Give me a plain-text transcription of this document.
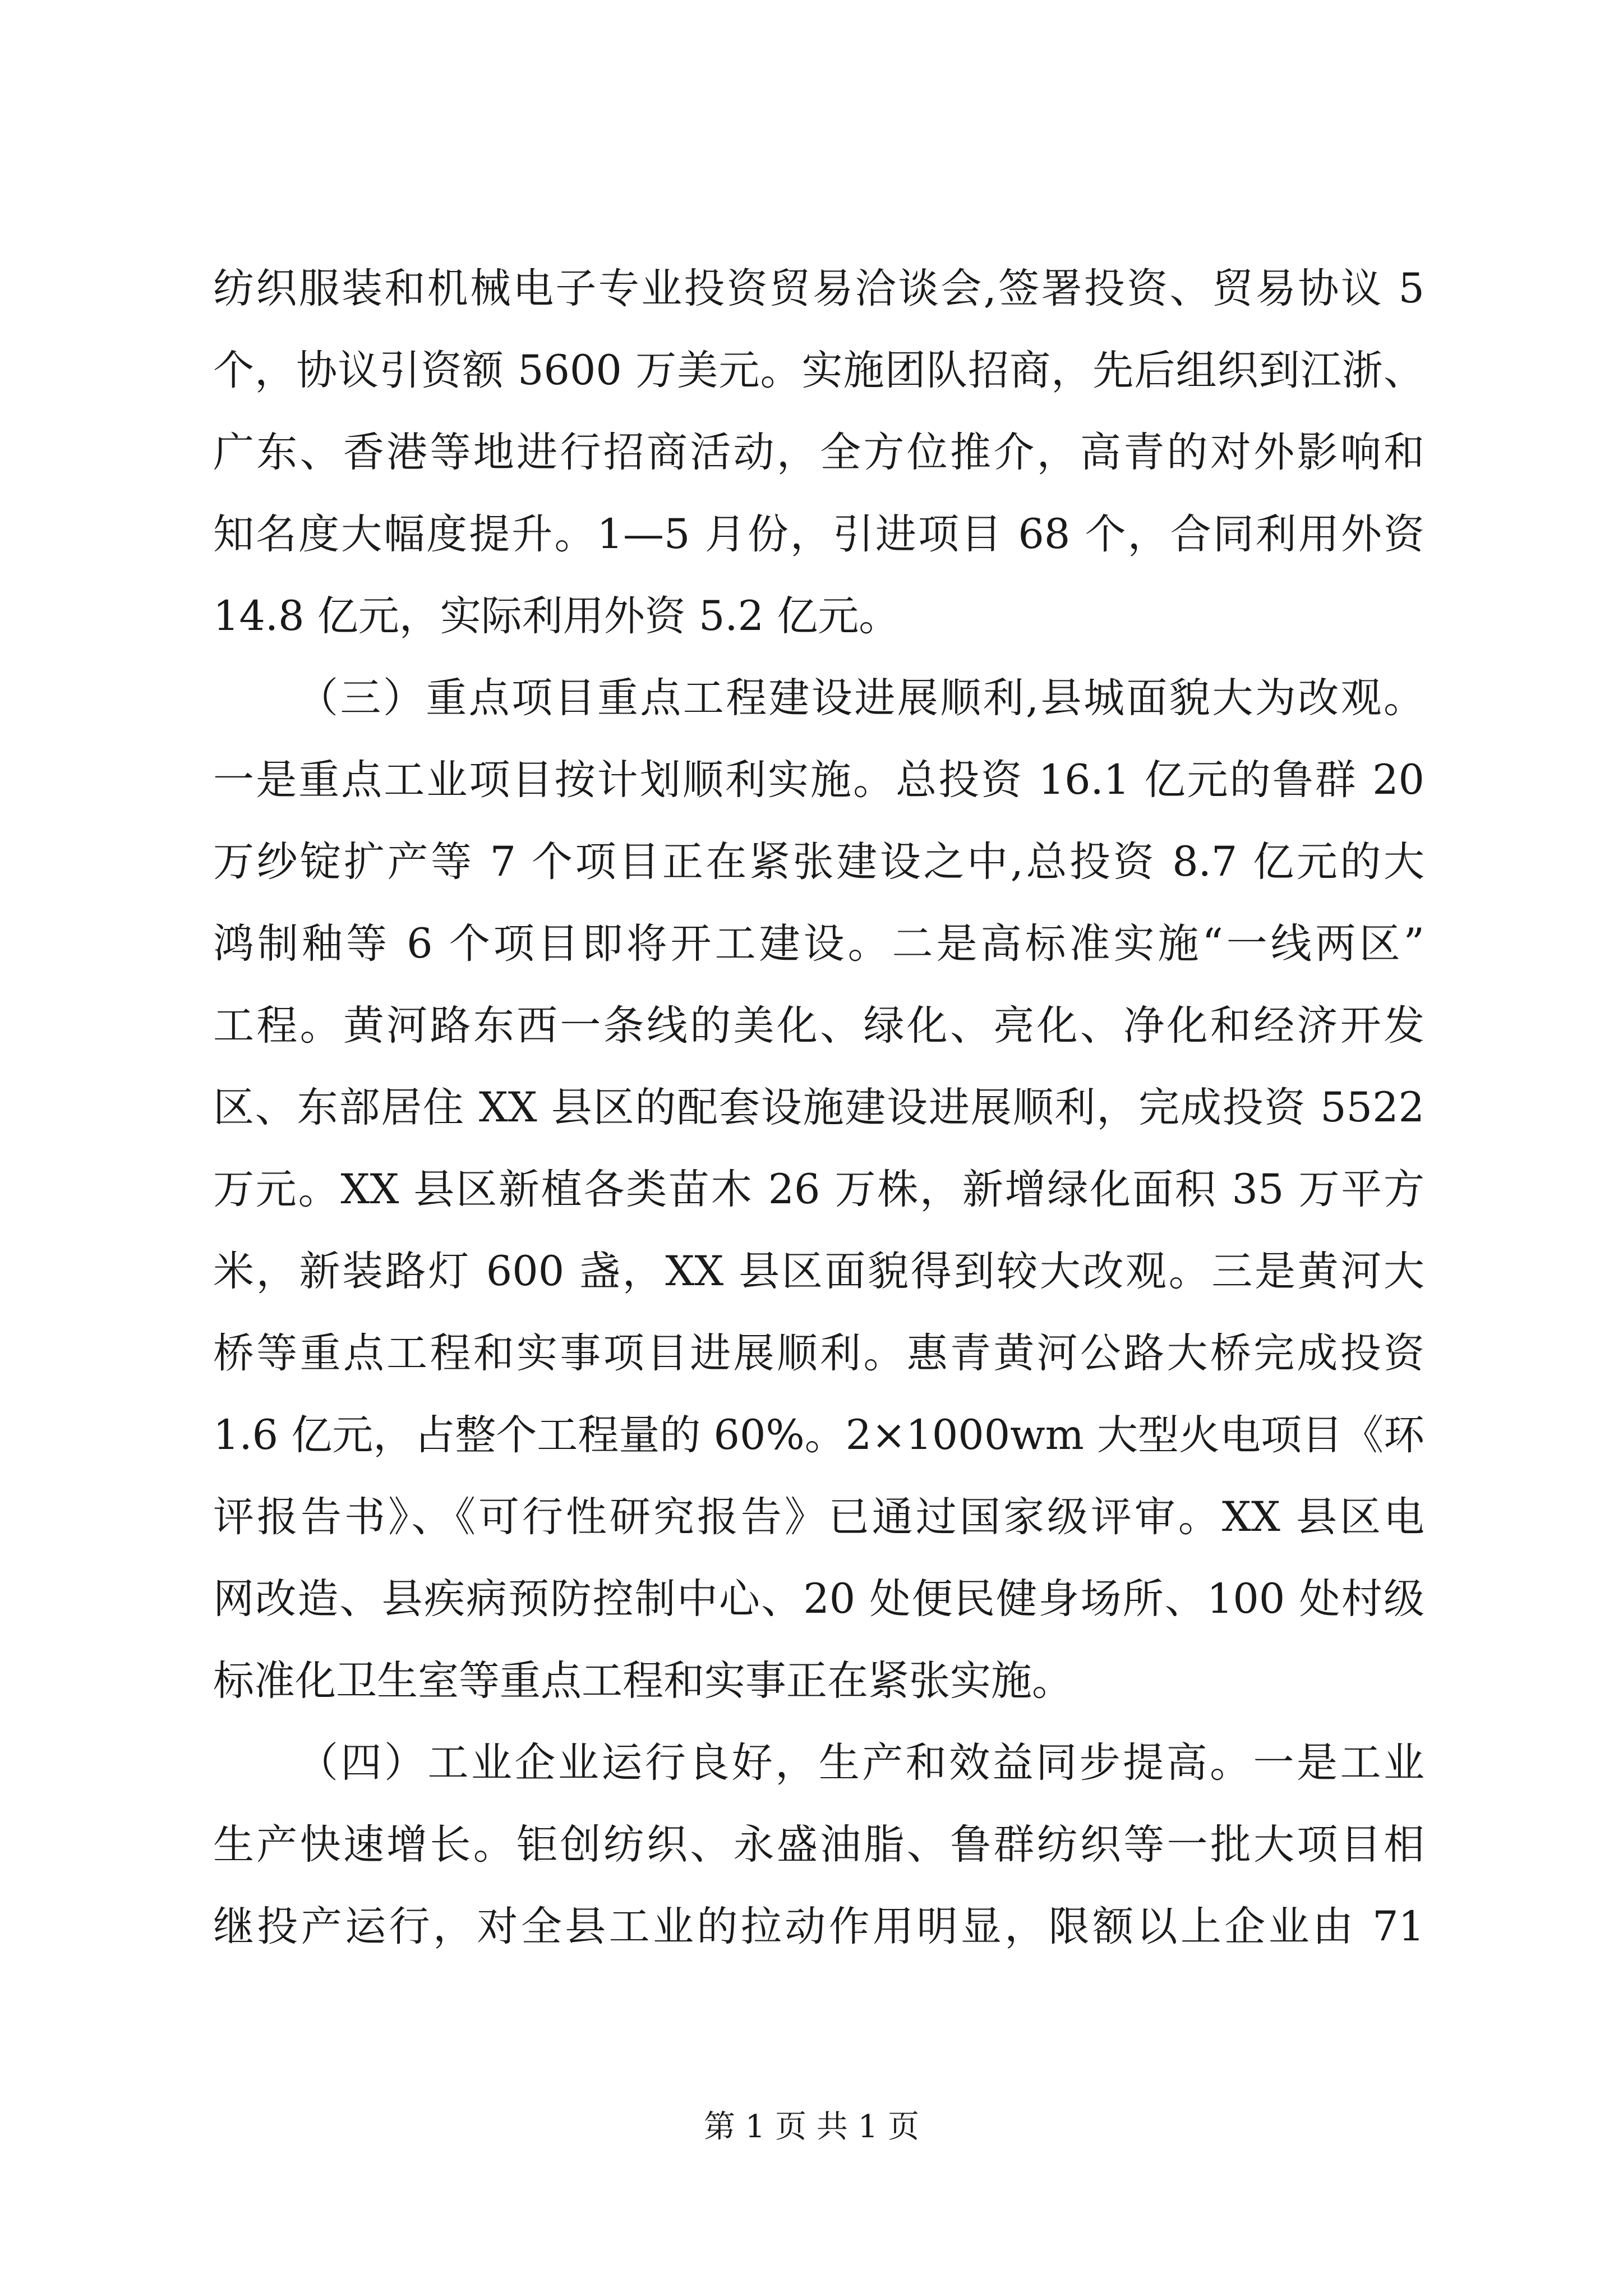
纺织服装和机械电子专业投资贸易洽谈会,签署投资、贸易协议 5
个，协议引资额 5600 万美元。实施团队招商，先后组织到江浙、
广东、香港等地进行招商活动，全方位推介，高青的对外影响和
知名度大幅度提升。1—5 月份，引进项目 68 个，合同利用外资
14.8 亿元，实际利用外资 5.2 亿元。
（三）重点项目重点工程建设进展顺利,县城面貌大为改观。
一是重点工业项目按计划顺利实施。总投资 16.1 亿元的鲁群 20
万纱锭扩产等 7 个项目正在紧张建设之中,总投资 8.7 亿元的大
鸿制釉等 6 个项目即将开工建设。二是高标准实施“一线两区”
工程。黄河路东西一条线的美化、绿化、亮化、净化和经济开发
区、东部居住 XX 县区的配套设施建设进展顺利，完成投资 5522
万元。XX 县区新植各类苗木 26 万株，新增绿化面积 35 万平方
米，新装路灯 600 盏，XX 县区面貌得到较大改观。三是黄河大
桥等重点工程和实事项目进展顺利。惠青黄河公路大桥完成投资
1.6 亿元，占整个工程量的 60%。2×1000wm 大型火电项目《环
评报告书》、《可行性研究报告》已通过国家级评审。XX 县区电
网改造、县疾病预防控制中心、20 处便民健身场所、100 处村级
标准化卫生室等重点工程和实事正在紧张实施。
（四）工业企业运行良好，生产和效益同步提高。一是工业
生产快速增长。钜创纺织、永盛油脂、鲁群纺织等一批大项目相
继投产运行，对全县工业的拉动作用明显，限额以上企业由 71
第 1 页 共 1 页
